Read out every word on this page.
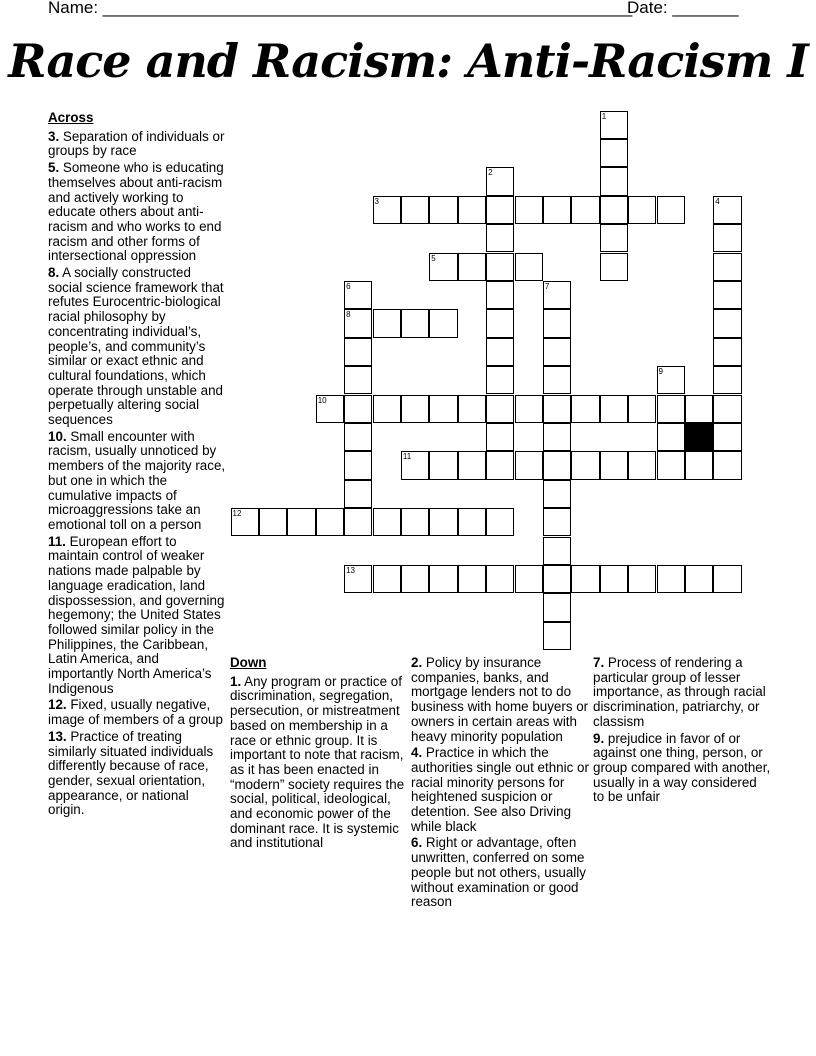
Name: ________________________________________________________
Date: _______
Race and Racism: Anti-Racism I
1
2
3	4
5
6	7
8
9
10
11
12
13
Across
3. Separation of individuals or groups by race
5. Someone who is educating themselves about anti-racism and actively working to educate others about anti-racism and who works to end racism and other forms of intersectional oppression
8. A socially constructed social science framework that refutes Eurocentric-biological racial philosophy by concentrating individual’s, people’s, and community’s similar or exact ethnic and cultural foundations, which operate through unstable and perpetually altering social sequences
10. Small encounter with racism, usually unnoticed by members of the majority race, but one in which the cumulative impacts of microaggressions take an emotional toll on a person
11. European effort to maintain control of weaker nations made palpable by language eradication, land dispossession, and governing hegemony; the United States followed similar policy in the Philippines, the Caribbean, Latin America, and importantly North America’s Indigenous
12. Fixed, usually negative, image of members of a group
13. Practice of treating similarly situated individuals differently because of race, gender, sexual orientation, appearance, or national origin.
Down
1. Any program or practice of discrimination, segregation, persecution, or mistreatment based on membership in a race or ethnic group. It is important to note that racism, as it has been enacted in “modern” society requires the social, political, ideological, and economic power of the dominant race. It is systemic and institutional
2. Policy by insurance companies, banks, and mortgage lenders not to do business with home buyers or owners in certain areas with heavy minority population
4. Practice in which the authorities single out ethnic or racial minority persons for heightened suspicion or detention. See also Driving while black
6. Right or advantage, often unwritten, conferred on some people but not others, usually without examination or good reason
7. Process of rendering a particular group of lesser importance, as through racial discrimination, patriarchy, or classism
9. prejudice in favor of or against one thing, person, or group compared with another, usually in a way considered to be unfair
